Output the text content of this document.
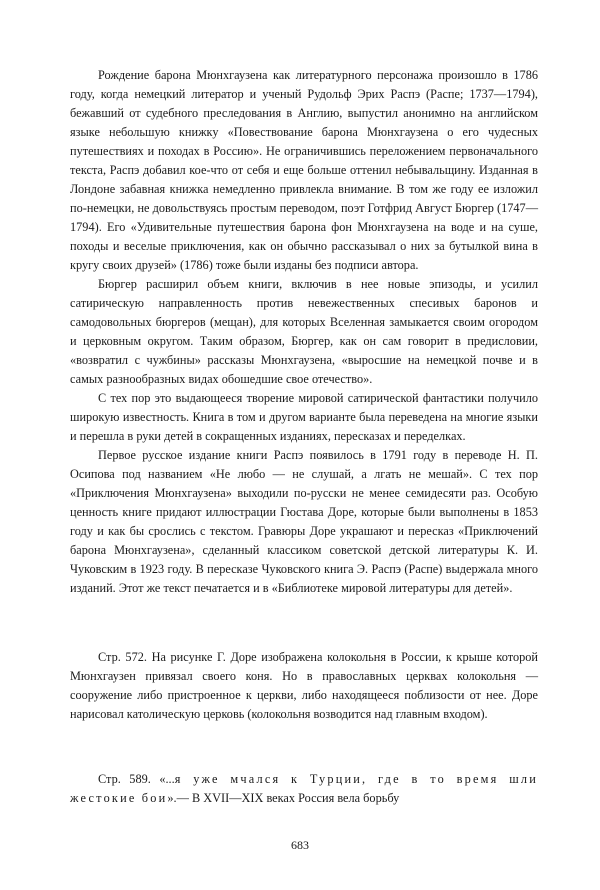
Рождение барона Мюнхгаузена как литературного персонажа произошло в 1786 году, когда немецкий литератор и ученый Рудольф Эрих Распэ (Распе; 1737—1794), бежавший от судебного преследования в Англию, выпустил анонимно на английском языке небольшую книжку «Повествование барона Мюнхгаузена о его чудесных путешествиях и походах в Россию». Не ограничившись переложением первоначального текста, Распэ добавил кое-что от себя и еще больше оттенил небывальщину. Изданная в Лондоне забавная книжка немедленно привлекла внимание. В том же году ее изложил по-немецки, не довольствуясь простым переводом, поэт Готфрид Август Бюргер (1747—1794). Его «Удивительные путешествия барона фон Мюнхгаузена на воде и на суше, походы и веселые приключения, как он обычно рассказывал о них за бутылкой вина в кругу своих друзей» (1786) тоже были изданы без подписи автора.

Бюргер расширил объем книги, включив в нее новые эпизоды, и усилил сатирическую направленность против невежественных спесивых баронов и самодовольных бюргеров (мещан), для которых Вселенная замыкается своим огородом и церковным округом. Таким образом, Бюргер, как он сам говорит в предисловии, «возвратил с чужбины» рассказы Мюнхгаузена, «выросшие на немецкой почве и в самых разнообразных видах обошедшие свое отечество».

С тех пор это выдающееся творение мировой сатирической фантастики получило широкую известность. Книга в том и другом варианте была переведена на многие языки и перешла в руки детей в сокращенных изданиях, пересказах и переделках.

Первое русское издание книги Распэ появилось в 1791 году в переводе Н. П. Осипова под названием «Не любо — не слушай, а лгать не мешай». С тех пор «Приключения Мюнхгаузена» выходили по-русски не менее семидесяти раз. Особую ценность книге придают иллюстрации Гюстава Доре, которые были выполнены в 1853 году и как бы срослись с текстом. Гравюры Доре украшают и пересказ «Приключений барона Мюнхгаузена», сделанный классиком советской детской литературы К. И. Чуковским в 1923 году. В пересказе Чуковского книга Э. Распэ (Распе) выдержала много изданий. Этот же текст печатается и в «Библиотеке мировой литературы для детей».

Стр. 572. На рисунке Г. Доре изображена колокольня в России, к крыше которой Мюнхгаузен привязал своего коня. Но в православных церквах колокольня — сооружение либо пристроенное к церкви, либо находящееся поблизости от нее. Доре нарисовал католическую церковь (колокольня возводится над главным входом).

Стр. 589. «...я уже мчался к Турции, где в то время шли жестокие бои».— В XVII—XIX веках Россия вела борьбу

683
